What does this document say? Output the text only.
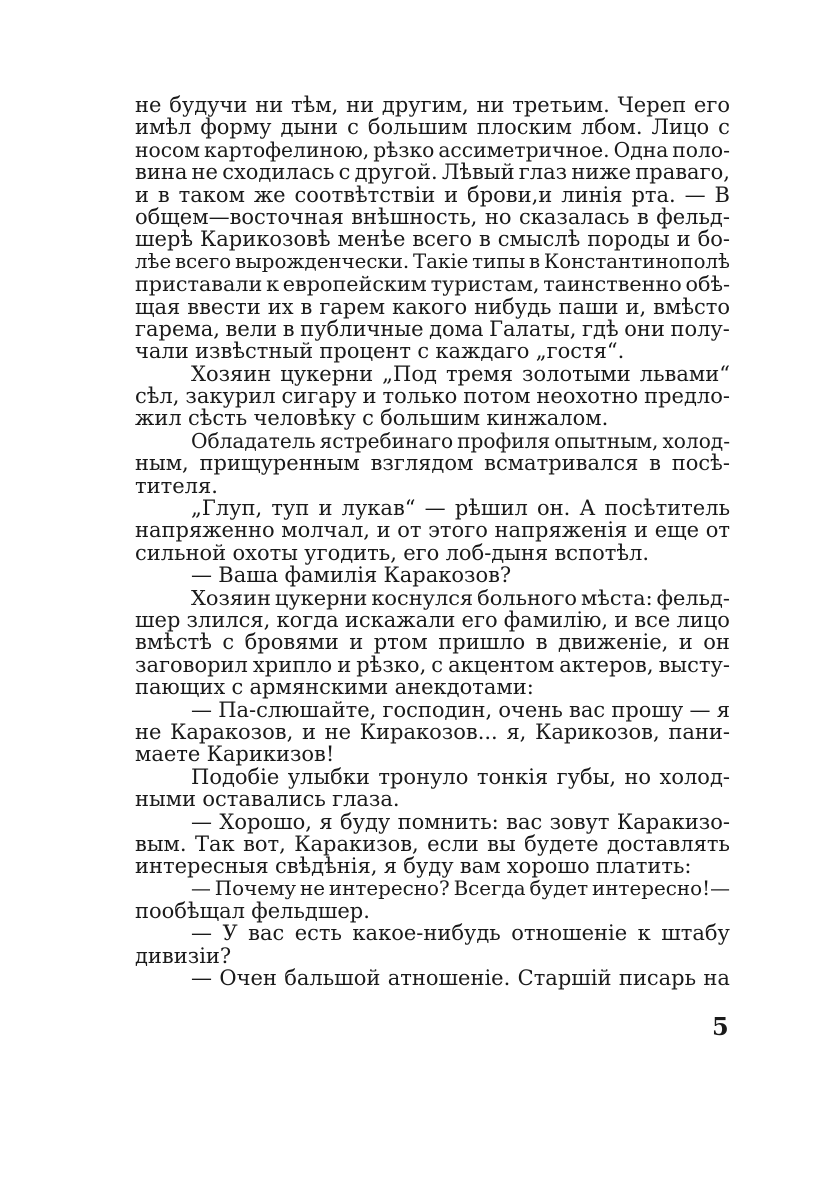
не будучи ни тѣм, ни другим, ни третьим. Череп его
имѣл форму дыни с большим плоским лбом. Лицо с
носом картофелиною, рѣзко ассиметричное. Одна поло-
вина не сходилась с другой. Лѣвый глаз ниже праваго,
и в таком же соотвѣтствіи и брови,и линія рта. — В
общем—восточная внѣшность, но сказалась в фельд-
шерѣ Карикозовѣ менѣе всего в смыслѣ породы и бо-
лѣе всего вырожденчески. Такіе типы в Константинополѣ
приставали к европейским туристам, таинственно обѣ-
щая ввести их в гарем какого нибудь паши и, вмѣсто
гарема, вели в публичные дома Галаты, гдѣ они полу-
чали извѣстный процент с каждаго „гостя“.
Хозяин цукерни „Под тремя золотыми львами“
сѣл, закурил сигару и только потом неохотно предло-
жил сѣсть человѣку с большим кинжалом.
Обладатель ястребинаго профиля опытным, холод-
ным, прищуренным взглядом всматривался в посѣ-
тителя.
„Глуп, туп и лукав“ — рѣшил он. А посѣтитель
напряженно молчал, и от этого напряженія и еще от
сильной охоты угодить, его лоб-дыня вспотѣл.
— Ваша фамилія Каракозов?
Хозяин цукерни коснулся больного мѣста: фельд-
шер злился, когда искажали его фамилію, и все лицо
вмѣстѣ с бровями и ртом пришло в движеніе, и он
заговорил хрипло и рѣзко, с акцентом актеров, высту-
пающих с армянскими анекдотами:
— Па-слюшайте, господин, очень вас прошу — я
не Каракозов, и не Киракозов... я, Карикозов, пани-
маете Карикизов!
Подобіе улыбки тронуло тонкія губы, но холод-
ными оставались глаза.
— Хорошо, я буду помнить: вас зовут Каракизо-
вым. Так вот, Каракизов, если вы будете доставлять
интересныя свѣдѣнія, я буду вам хорошо платить:
— Почему не интересно? Всегда будет интересно!—
пообѣщал фельдшер.
— У вас есть какое-нибудь отношеніе к штабу
дивизіи?
— Очен бальшой атношеніе. Старшій писарь на
5
